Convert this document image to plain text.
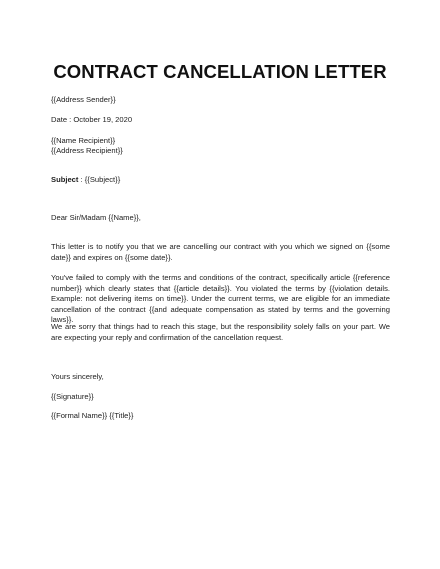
CONTRACT CANCELLATION LETTER
{{Address Sender}}
Date : October 19, 2020
{{Name Recipient}}
{{Address Recipient}}
Subject : {{Subject}}
Dear Sir/Madam {{Name}},
This letter is to notify you that we are cancelling our contract with you which we signed on {{some date}} and expires on {{some date}}.
You've failed to comply with the terms and conditions of the contract, specifically article {{reference number}} which clearly states that {{article details}}. You violated the terms by {{violation details. Example: not delivering items on time}}. Under the current terms, we are eligible for an immediate cancellation of the contract {{and adequate compensation as stated by terms and the governing laws}}.
We are sorry that things had to reach this stage, but the responsibility solely falls on your part. We are expecting your reply and confirmation of the cancellation request.
Yours sincerely,
{{Signature}}
{{Formal Name}} {{Title}}
